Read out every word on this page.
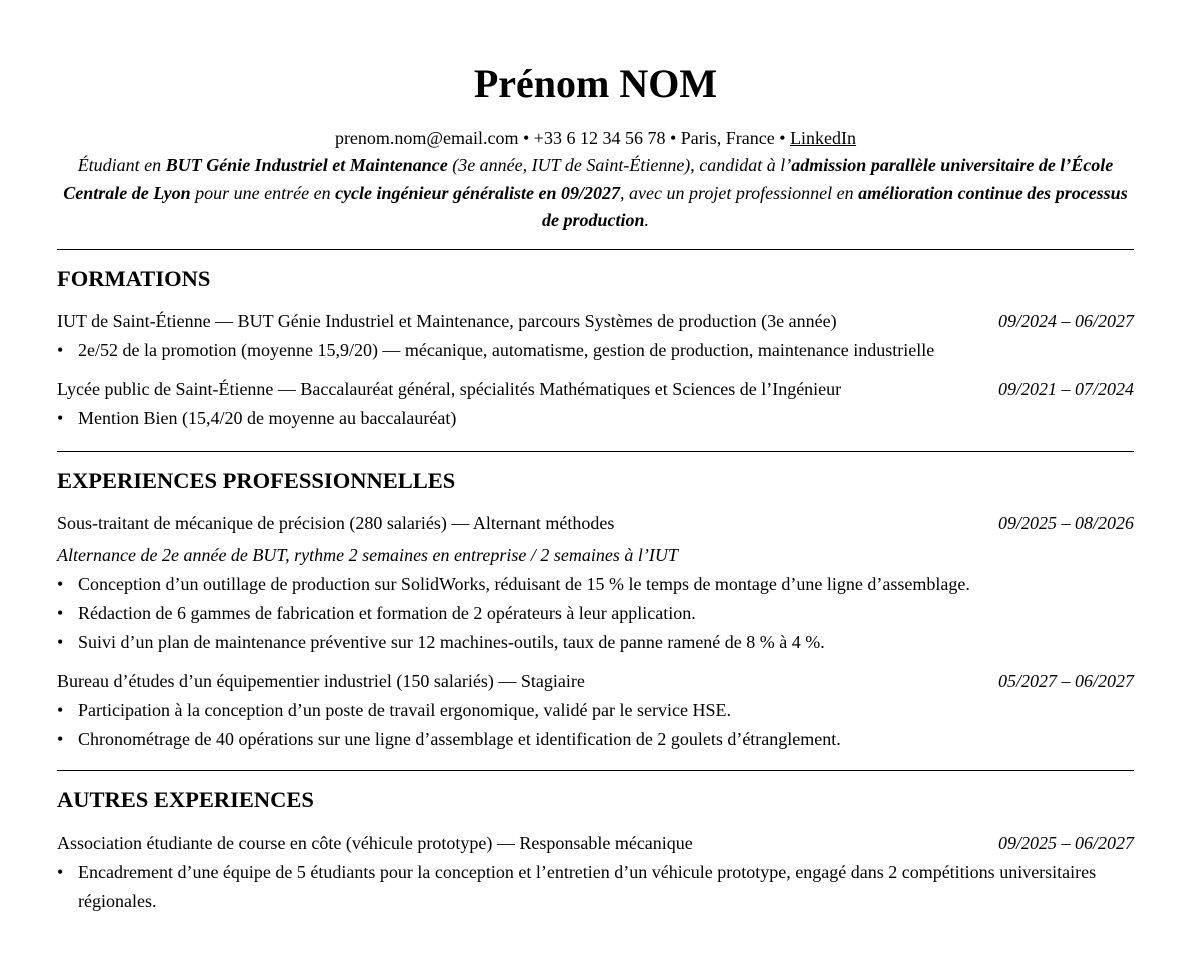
Prénom NOM
prenom.nom@email.com • +33 6 12 34 56 78 • Paris, France • LinkedIn
Étudiant en BUT Génie Industriel et Maintenance (3e année, IUT de Saint-Étienne), candidat à l’admission parallèle universitaire de l’École Centrale de Lyon pour une entrée en cycle ingénieur généraliste en 09/2027, avec un projet professionnel en amélioration continue des processus de production.
FORMATIONS
IUT de Saint-Étienne — BUT Génie Industriel et Maintenance, parcours Systèmes de production (3e année)	09/2024 – 06/2027
• 2e/52 de la promotion (moyenne 15,9/20) — mécanique, automatisme, gestion de production, maintenance industrielle
Lycée public de Saint-Étienne — Baccalauréat général, spécialités Mathématiques et Sciences de l’Ingénieur	09/2021 – 07/2024
• Mention Bien (15,4/20 de moyenne au baccalauréat)
EXPERIENCES PROFESSIONNELLES
Sous-traitant de mécanique de précision (280 salariés) — Alternant méthodes	09/2025 – 08/2026
Alternance de 2e année de BUT, rythme 2 semaines en entreprise / 2 semaines à l’IUT
• Conception d’un outillage de production sur SolidWorks, réduisant de 15 % le temps de montage d’une ligne d’assemblage.
• Rédaction de 6 gammes de fabrication et formation de 2 opérateurs à leur application.
• Suivi d’un plan de maintenance préventive sur 12 machines-outils, taux de panne ramené de 8 % à 4 %.
Bureau d’études d’un équipementier industriel (150 salariés) — Stagiaire	05/2027 – 06/2027
• Participation à la conception d’un poste de travail ergonomique, validé par le service HSE.
• Chronométrage de 40 opérations sur une ligne d’assemblage et identification de 2 goulets d’étranglement.
AUTRES EXPERIENCES
Association étudiante de course en côte (véhicule prototype) — Responsable mécanique	09/2025 – 06/2027
• Encadrement d’une équipe de 5 étudiants pour la conception et l’entretien d’un véhicule prototype, engagé dans 2 compétitions universitaires régionales.
